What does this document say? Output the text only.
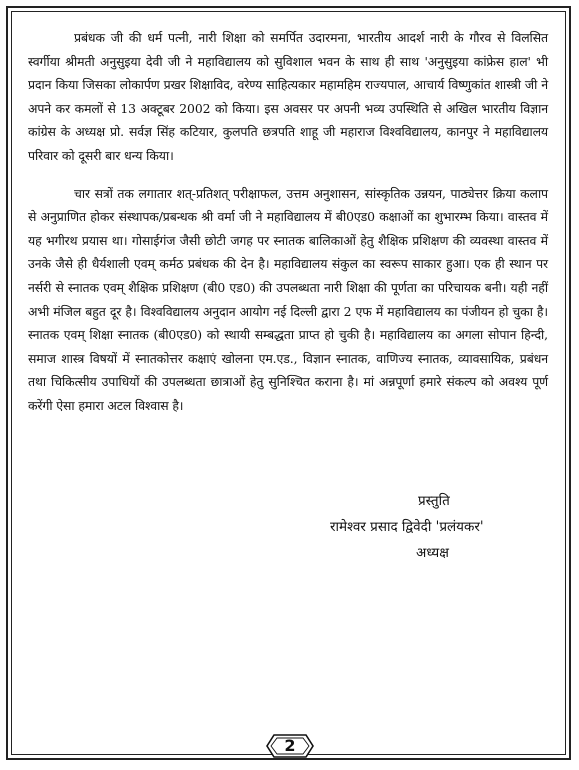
प्रबंधक जी की धर्म पत्नी, नारी शिक्षा को समर्पित उदारमना, भारतीय आदर्श नारी के गौरव से विलसित स्वर्गीया श्रीमती अनुसुइया देवी जी ने महाविद्यालय को सुविशाल भवन के साथ ही साथ 'अनुसुइया कांफ्रेस हाल' भी प्रदान किया जिसका लोकार्पण प्रखर शिक्षाविद, वरेण्य साहित्यकार महामहिम राज्यपाल, आचार्य विष्णुकांत शास्त्री जी ने अपने कर कमलों से 13 अक्टूबर 2002 को किया। इस अवसर पर अपनी भव्य उपस्थिति से अखिल भारतीय विज्ञान कांग्रेस के अध्यक्ष प्रो. सर्वज्ञ सिंह कटियार, कुलपति छत्रपति शाहू जी महाराज विश्वविद्यालय, कानपुर ने महाविद्यालय परिवार को दूसरी बार धन्य किया।

चार सत्रों तक लगातार शत्-प्रतिशत् परीक्षाफल, उत्तम अनुशासन, सांस्कृतिक उन्नयन, पाठ्येत्तर क्रिया कलाप से अनुप्राणित होकर संस्थापक/प्रबन्धक श्री वर्मा जी ने महाविद्यालय में बी0एड0 कक्षाओं का शुभारम्भ किया। वास्तव में यह भगीरथ प्रयास था। गोसाईगंज जैसी छोटी जगह पर स्नातक बालिकाओं हेतु शैक्षिक प्रशिक्षण की व्यवस्था वास्तव में उनके जैसे ही धैर्यशाली एवम् कर्मठ प्रबंधक की देन है। महाविद्यालय संकुल का स्वरूप साकार हुआ। एक ही स्थान पर नर्सरी से स्नातक एवम् शैक्षिक प्रशिक्षण (बी0 एड0) की उपलब्धता नारी शिक्षा की पूर्णता का परिचायक बनी। यही नहीं अभी मंजिल बहुत दूर है। विश्वविद्यालय अनुदान आयोग नई दिल्ली द्वारा 2 एफ में महाविद्यालय का पंजीयन हो चुका है। स्नातक एवम् शिक्षा स्नातक (बी0एड0) को स्थायी सम्बद्धता प्राप्त हो चुकी है। महाविद्यालय का अगला सोपान हिन्दी, समाज शास्त्र विषयों में स्नातकोत्तर कक्षाएं खोलना एम.एड., विज्ञान स्नातक, वाणिज्य स्नातक, व्यावसायिक, प्रबंधन तथा चिकित्सीय उपाधियों की उपलब्धता छात्राओं हेतु सुनिश्चित कराना है। मां अन्नपूर्णा हमारे संकल्प को अवश्य पूर्ण करेंगी ऐसा हमारा अटल विश्वास है।

प्रस्तुति
रामेश्वर प्रसाद द्विवेदी 'प्रलंयकर'
अध्यक्ष
2
